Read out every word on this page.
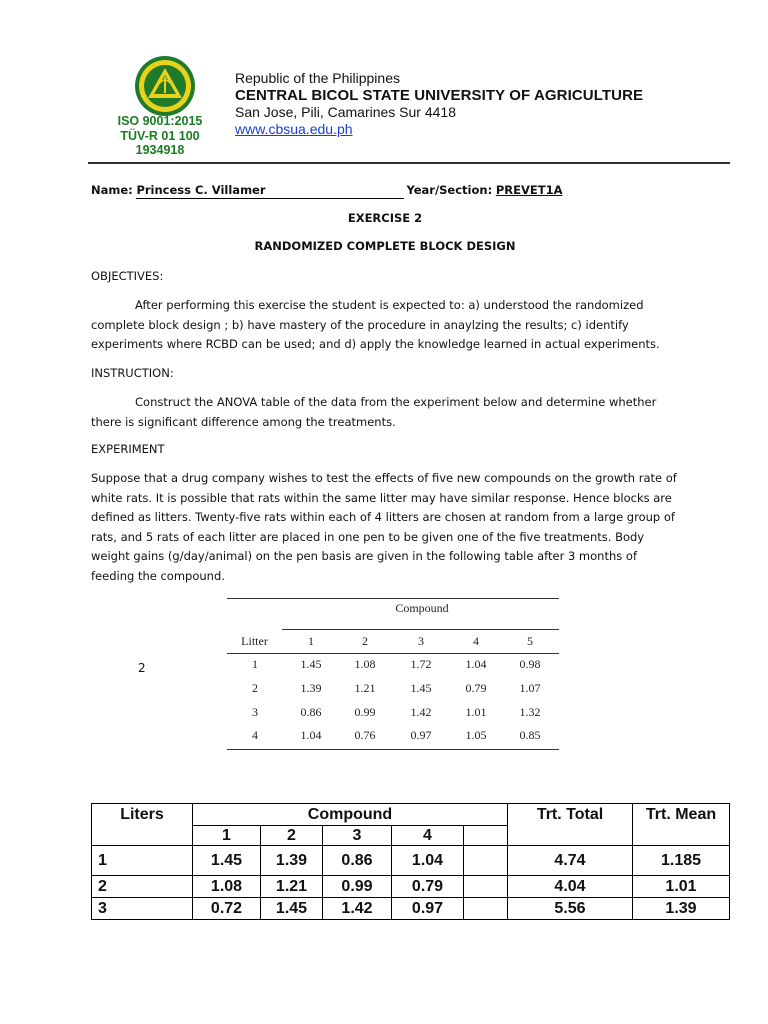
ISO 9001:2015
TÜV-R 01 100
1934918
Republic of the Philippines
CENTRAL BICOL STATE UNIVERSITY OF AGRICULTURE
San Jose, Pili, Camarines Sur 4418
www.cbsua.edu.ph
Name: Princess C. Villamer	Year/Section: PREVET1A
EXERCISE 2
RANDOMIZED COMPLETE BLOCK DESIGN
OBJECTIVES:
After performing this exercise the student is expected to: a) understood the randomized complete block design ; b) have mastery of the procedure in anaylzing the results; c) identify experiments where RCBD can be used; and d) apply the knowledge learned in actual experiments.
INSTRUCTION:
Construct the ANOVA table of the data from the experiment below and determine whether there is significant difference among the treatments.
EXPERIMENT
Suppose that a drug company wishes to test the effects of five new compounds on the growth rate of white rats. It is possible that rats within the same litter may have similar response. Hence blocks are defined as litters. Twenty-five rats within each of 4 litters are chosen at random from a large group of rats, and 5 rats of each litter are placed in one pen to be given one of the five treatments. Body weight gains (g/day/animal) on the pen basis are given in the following table after 3 months of feeding the compound.
Compound
Litter	1	2	3	4	5
1	1.45	1.08	1.72	1.04	0.98
2	1.39	1.21	1.45	0.79	1.07
3	0.86	0.99	1.42	1.01	1.32
4	1.04	0.76	0.97	1.05	0.85
2
Liters	Compound					Trt. Total	Trt. Mean
	1	2	3	4			
1	1.45	1.39	0.86	1.04		4.74	1.185
2	1.08	1.21	0.99	0.79		4.04	1.01
3	0.72	1.45	1.42	0.97		5.56	1.39
